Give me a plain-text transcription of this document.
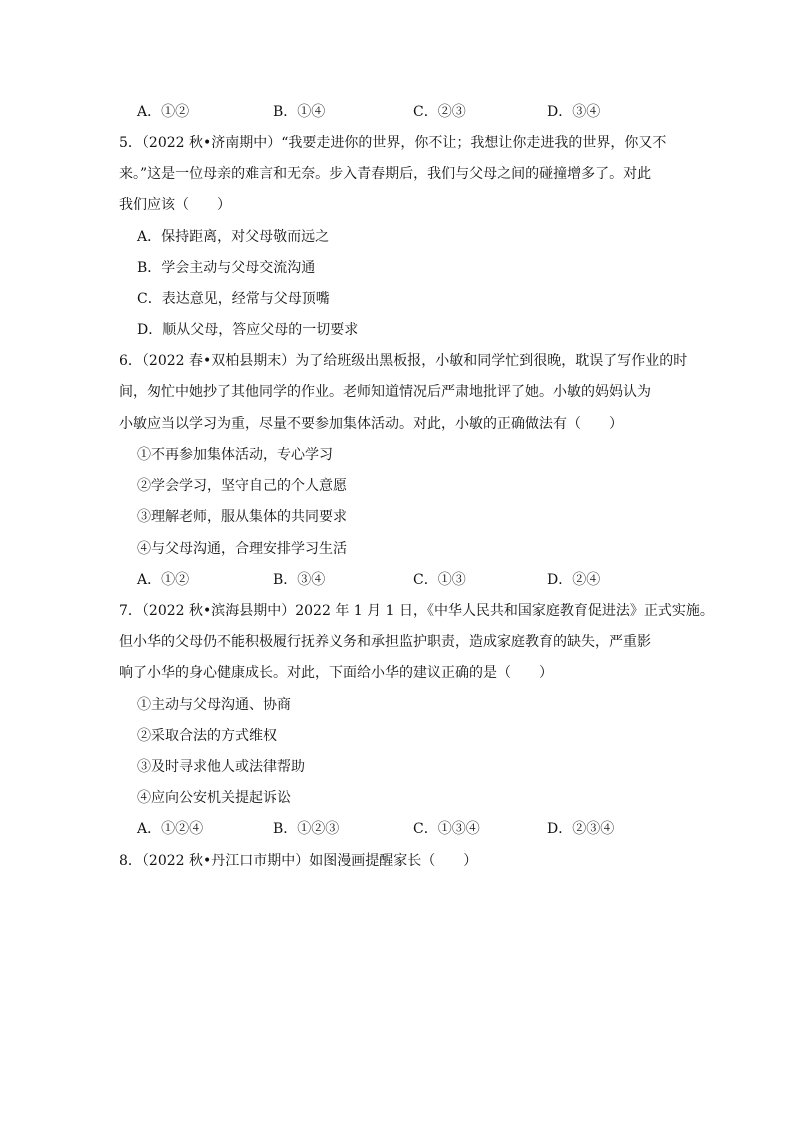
A．①②	B．①④	C．②③	D．③④
5．（2022 秋•济南期中）“我要走进你的世界，你不让；我想让你走进我的世界，你又不
来。”这是一位母亲的难言和无奈。步入青春期后，我们与父母之间的碰撞增多了。对此
我们应该（　　）
A．保持距离，对父母敬而远之
B．学会主动与父母交流沟通
C．表达意见，经常与父母顶嘴
D．顺从父母，答应父母的一切要求
6．（2022 春•双柏县期末）为了给班级出黑板报，小敏和同学忙到很晚，耽误了写作业的时
间，匆忙中她抄了其他同学的作业。老师知道情况后严肃地批评了她。小敏的妈妈认为
小敏应当以学习为重，尽量不要参加集体活动。对此，小敏的正确做法有（　　）
①不再参加集体活动，专心学习
②学会学习，坚守自己的个人意愿
③理解老师，服从集体的共同要求
④与父母沟通，合理安排学习生活
A．①②	B．③④	C．①③	D．②④
7．（2022 秋•滨海县期中）2022 年 1 月 1 日，《中华人民共和国家庭教育促进法》正式实施。
但小华的父母仍不能积极履行抚养义务和承担监护职责，造成家庭教育的缺失，严重影
响了小华的身心健康成长。对此，下面给小华的建议正确的是（　　）
①主动与父母沟通、协商
②采取合法的方式维权
③及时寻求他人或法律帮助
④应向公安机关提起诉讼
A．①②④	B．①②③	C．①③④	D．②③④
8．（2022 秋•丹江口市期中）如图漫画提醒家长（　　）
